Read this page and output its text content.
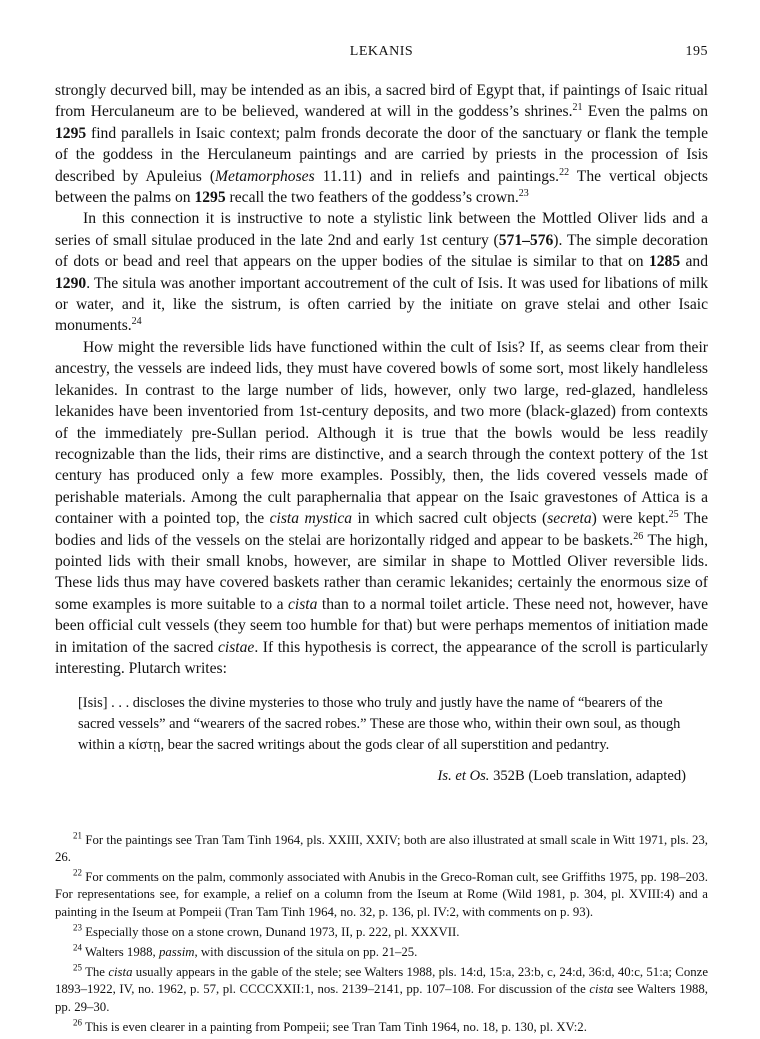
LEKANIS	195

strongly decurved bill, may be intended as an ibis, a sacred bird of Egypt that, if paintings of Isaic ritual from Herculaneum are to be believed, wandered at will in the goddess’s shrines.$^{21}$ Even the palms on 1295 find parallels in Isaic context; palm fronds decorate the door of the sanctuary or flank the temple of the goddess in the Herculaneum paintings and are carried by priests in the procession of Isis described by Apuleius (Metamorphoses 11.11) and in reliefs and paintings.$^{22}$ The vertical objects between the palms on 1295 recall the two feathers of the goddess’s crown.$^{23}$

In this connection it is instructive to note a stylistic link between the Mottled Oliver lids and a series of small situlae produced in the late 2nd and early 1st century (571–576). The simple decoration of dots or bead and reel that appears on the upper bodies of the situlae is similar to that on 1285 and 1290. The situla was another important accoutrement of the cult of Isis. It was used for libations of milk or water, and it, like the sistrum, is often carried by the initiate on grave stelai and other Isaic monuments.$^{24}$

How might the reversible lids have functioned within the cult of Isis? If, as seems clear from their ancestry, the vessels are indeed lids, they must have covered bowls of some sort, most likely handleless lekanides. In contrast to the large number of lids, however, only two large, red-glazed, handleless lekanides have been inventoried from 1st-century deposits, and two more (black-glazed) from contexts of the immediately pre-Sullan period. Although it is true that the bowls would be less readily recognizable than the lids, their rims are distinctive, and a search through the context pottery of the 1st century has produced only a few more examples. Possibly, then, the lids covered vessels made of perishable materials. Among the cult paraphernalia that appear on the Isaic gravestones of Attica is a container with a pointed top, the cista mystica in which sacred cult objects (secreta) were kept.$^{25}$ The bodies and lids of the vessels on the stelai are horizontally ridged and appear to be baskets.$^{26}$ The high, pointed lids with their small knobs, however, are similar in shape to Mottled Oliver reversible lids. These lids thus may have covered baskets rather than ceramic lekanides; certainly the enormous size of some examples is more suitable to a cista than to a normal toilet article. These need not, however, have been official cult vessels (they seem too humble for that) but were perhaps mementos of initiation made in imitation of the sacred cistae. If this hypothesis is correct, the appearance of the scroll is particularly interesting. Plutarch writes:

[Isis] . . . discloses the divine mysteries to those who truly and justly have the name of “bearers of the sacred vessels” and “wearers of the sacred robes.” These are those who, within their own soul, as though within a κίστῃ, bear the sacred writings about the gods clear of all superstition and pedantry.
Is. et Os. 352B (Loeb translation, adapted)

$^{21}$ For the paintings see Tran Tam Tinh 1964, pls. XXIII, XXIV; both are also illustrated at small scale in Witt 1971, pls. 23, 26.

$^{22}$ For comments on the palm, commonly associated with Anubis in the Greco-Roman cult, see Griffiths 1975, pp. 198–203. For representations see, for example, a relief on a column from the Iseum at Rome (Wild 1981, p. 304, pl. XVIII:4) and a painting in the Iseum at Pompeii (Tran Tam Tinh 1964, no. 32, p. 136, pl. IV:2, with comments on p. 93).

$^{23}$ Especially those on a stone crown, Dunand 1973, II, p. 222, pl. XXXVII.

$^{24}$ Walters 1988, passim, with discussion of the situla on pp. 21–25.

$^{25}$ The cista usually appears in the gable of the stele; see Walters 1988, pls. 14:d, 15:a, 23:b, c, 24:d, 36:d, 40:c, 51:a; Conze 1893–1922, IV, no. 1962, p. 57, pl. CCCCXXII:1, nos. 2139–2141, pp. 107–108. For discussion of the cista see Walters 1988, pp. 29–30.

$^{26}$ This is even clearer in a painting from Pompeii; see Tran Tam Tinh 1964, no. 18, p. 130, pl. XV:2.
